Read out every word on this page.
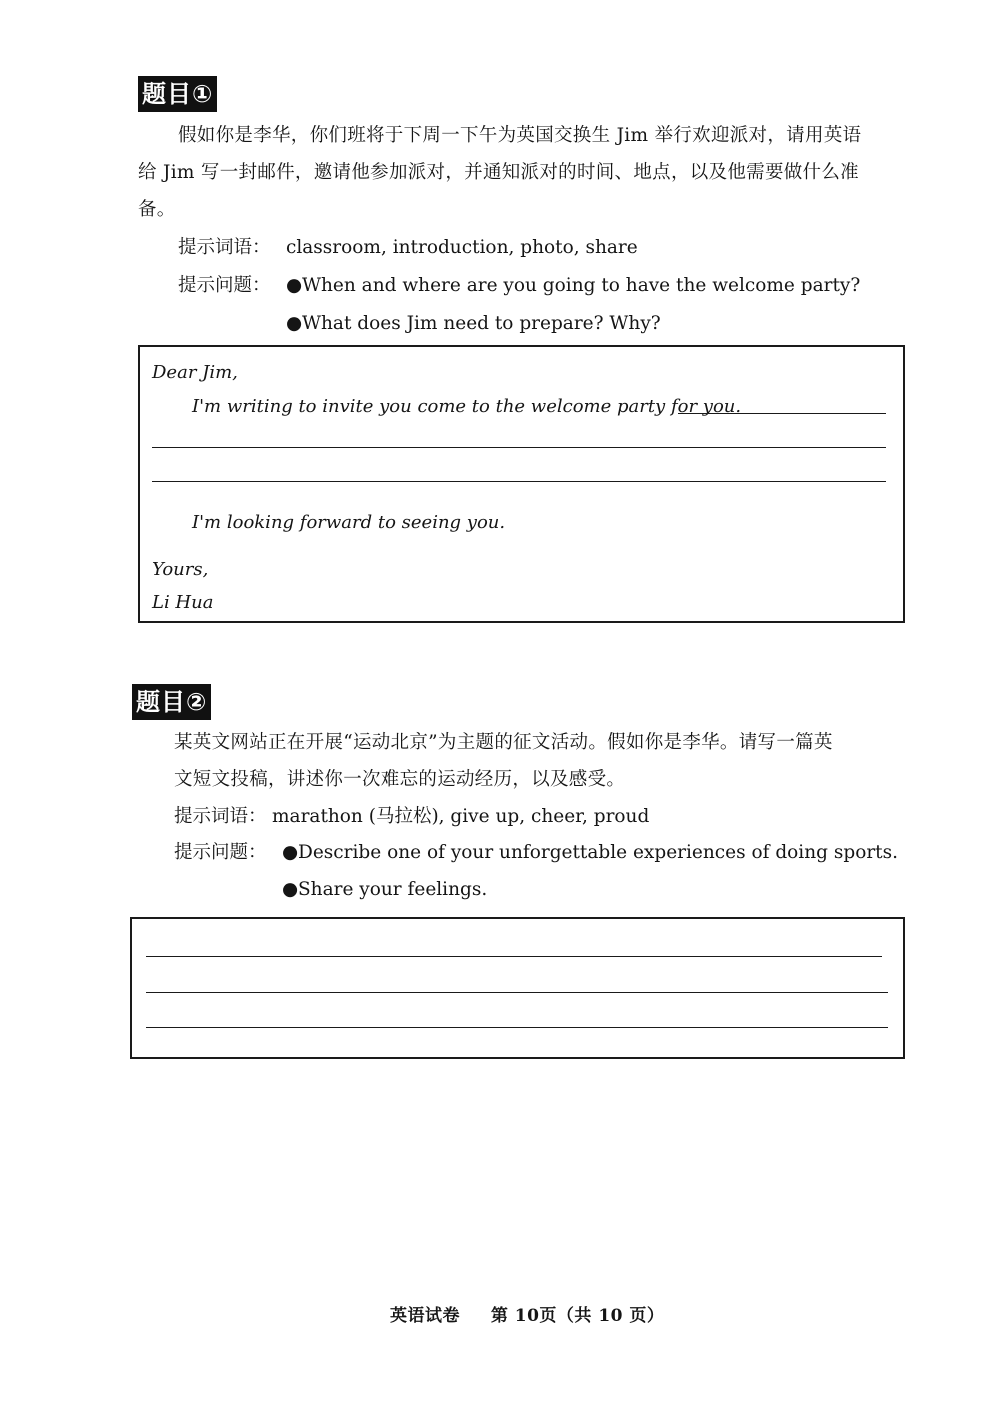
题目①
假如你是李华，你们班将于下周一下午为英国交换生 Jim 举行欢迎派对，请用英语
给 Jim 写一封邮件，邀请他参加派对，并通知派对的时间、地点，以及他需要做什么准
备。
提示词语： classroom, introduction, photo, share
提示问题： ●When and where are you going to have the welcome party?
●What does Jim need to prepare? Why?
Dear Jim,
I'm writing to invite you come to the welcome party for you.
I'm looking forward to seeing you.
Yours,
Li Hua
题目②
某英文网站正在开展“运动北京”为主题的征文活动。假如你是李华。请写一篇英
文短文投稿，讲述你一次难忘的运动经历，以及感受。
提示词语： marathon (马拉松), give up, cheer, proud
提示问题： ●Describe one of your unforgettable experiences of doing sports.
●Share your feelings.
英语试卷 第 10页（共 10 页）
